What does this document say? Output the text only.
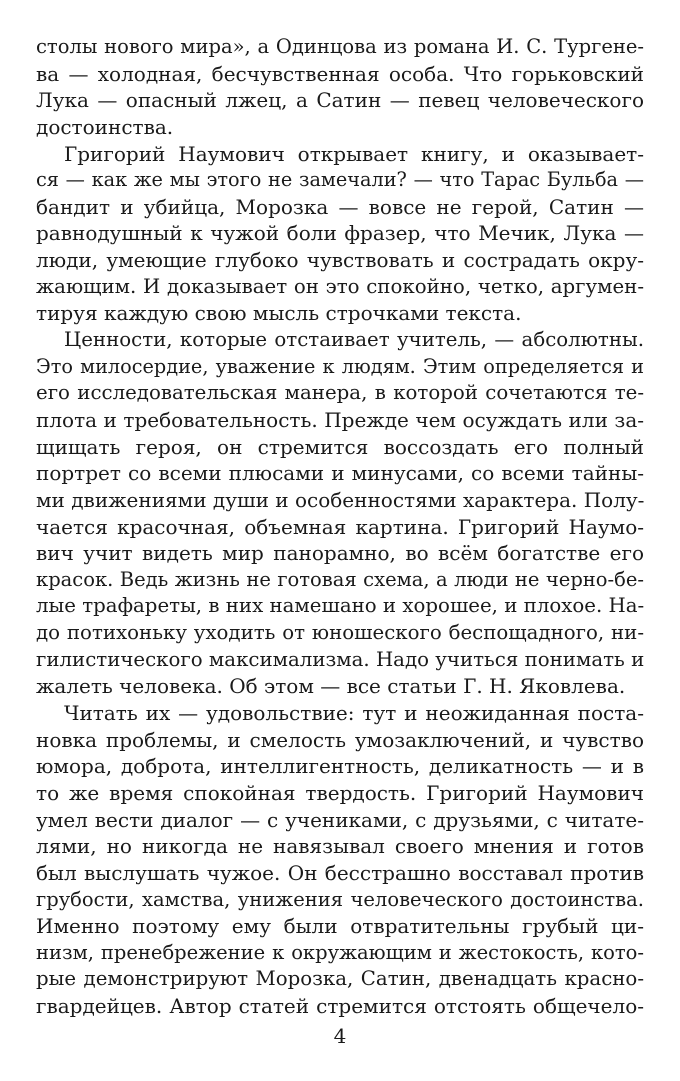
столы нового мира», а Одинцова из романа И. С. Тургене-
ва — холодная, бесчувственная особа. Что горьковский
Лука — опасный лжец, а Сатин — певец человеческого
достоинства.
Григорий Наумович открывает книгу, и оказывает-
ся — как же мы этого не замечали? — что Тарас Бульба —
бандит и убийца, Морозка — вовсе не герой, Сатин —
равнодушный к чужой боли фразер, что Мечик, Лука —
люди, умеющие глубоко чувствовать и сострадать окру-
жающим. И доказывает он это спокойно, четко, аргумен-
тируя каждую свою мысль строчками текста.
Ценности, которые отстаивает учитель, — абсолютны.
Это милосердие, уважение к людям. Этим определяется и
его исследовательская манера, в которой сочетаются те-
плота и требовательность. Прежде чем осуждать или за-
щищать героя, он стремится воссоздать его полный
портрет со всеми плюсами и минусами, со всеми тайны-
ми движениями души и особенностями характера. Полу-
чается красочная, объемная картина. Григорий Наумо-
вич учит видеть мир панорамно, во всём богатстве его
красок. Ведь жизнь не готовая схема, а люди не черно-бе-
лые трафареты, в них намешано и хорошее, и плохое. На-
до потихоньку уходить от юношеского беспощадного, ни-
гилистического максимализма. Надо учиться понимать и
жалеть человека. Об этом — все статьи Г. Н. Яковлева.
Читать их — удовольствие: тут и неожиданная поста-
новка проблемы, и смелость умозаключений, и чувство
юмора, доброта, интеллигентность, деликатность — и в
то же время спокойная твердость. Григорий Наумович
умел вести диалог — с учениками, с друзьями, с читате-
лями, но никогда не навязывал своего мнения и готов
был выслушать чужое. Он бесстрашно восставал против
грубости, хамства, унижения человеческого достоинства.
Именно поэтому ему были отвратительны грубый ци-
низм, пренебрежение к окружающим и жестокость, кото-
рые демонстрируют Морозка, Сатин, двенадцать красно-
гвардейцев. Автор статей стремится отстоять общечело-
4
